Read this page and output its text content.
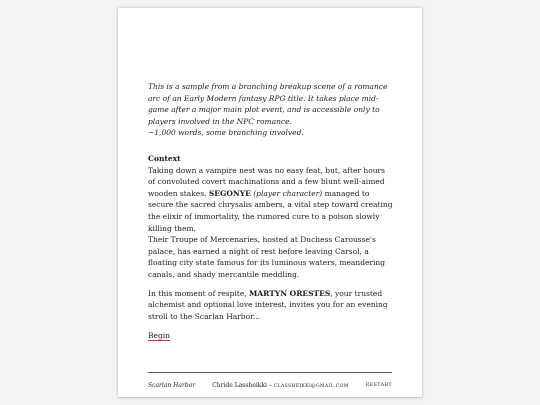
This is a sample from a branching breakup scene of a romance arc of an Early Modern fantasy RPG title. It takes place mid-game after a major main plot event, and is accessible only to players involved in the NPC romance.

~1,000 words, some branching involved.

Context

Taking down a vampire nest was no easy feat, but, after hours of convoluted covert machinations and a few blunt well-aimed wooden stakes, SEGONYE (player character) managed to secure the sacred chrysalis ambers, a vital step toward creating the elixir of immortality, the rumored cure to a poison slowly killing them.

Their Troupe of Mercenaries, hosted at Duchess Carousse's palace, has earned a night of rest before leaving Carsol, a floating city state famous for its luminous waters, meandering canals, and shady mercantile meddling.

In this moment of respite, MARTYN ORESTES, your trusted alchemist and optional love interest, invites you for an evening stroll to the Scarlan Harbor...

Begin
Scarlan Harbor	Chride Lassheikki – CLASSHEIKKI@GMAIL.COM	RESTART
